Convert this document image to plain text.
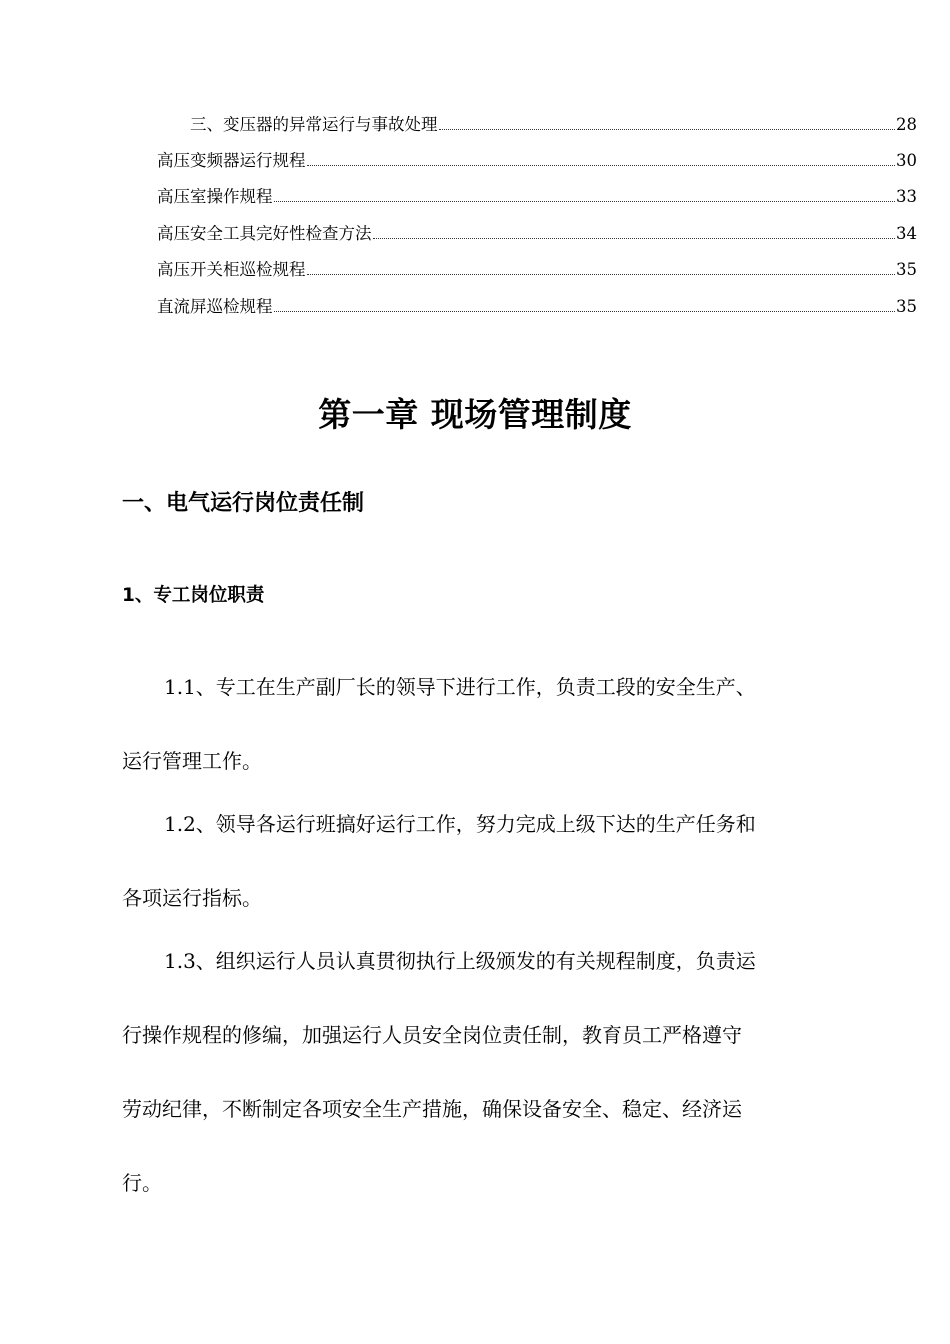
三、变压器的异常运行与事故处理	28
高压变频器运行规程	30
高压室操作规程	33
高压安全工具完好性检查方法	34
高压开关柜巡检规程	35
直流屏巡检规程	35
第一章 现场管理制度
一、电气运行岗位责任制
1、专工岗位职责
1.1、专工在生产副厂长的领导下进行工作，负责工段的安全生产、
运行管理工作。
1.2、领导各运行班搞好运行工作，努力完成上级下达的生产任务和
各项运行指标。
1.3、组织运行人员认真贯彻执行上级颁发的有关规程制度，负责运
行操作规程的修编，加强运行人员安全岗位责任制，教育员工严格遵守
劳动纪律，不断制定各项安全生产措施，确保设备安全、稳定、经济运
行。
